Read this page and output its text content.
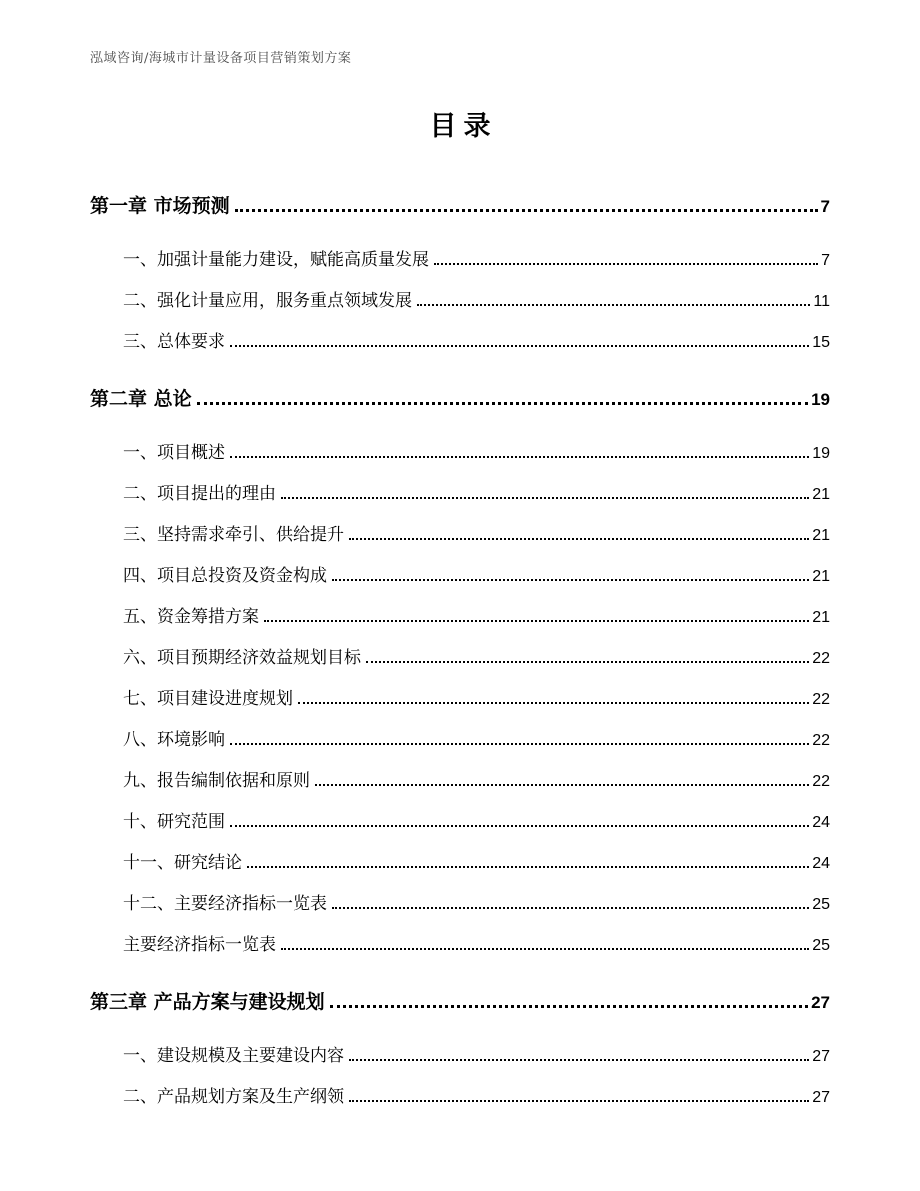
泓域咨询/海城市计量设备项目营销策划方案
目录
第一章 市场预测	7
一、加强计量能力建设，赋能高质量发展	7
二、强化计量应用，服务重点领域发展	11
三、总体要求	15
第二章 总论	19
一、项目概述	19
二、项目提出的理由	21
三、坚持需求牵引、供给提升	21
四、项目总投资及资金构成	21
五、资金筹措方案	21
六、项目预期经济效益规划目标	22
七、项目建设进度规划	22
八、环境影响	22
九、报告编制依据和原则	22
十、研究范围	24
十一、研究结论	24
十二、主要经济指标一览表	25
主要经济指标一览表	25
第三章 产品方案与建设规划	27
一、建设规模及主要建设内容	27
二、产品规划方案及生产纲领	27
